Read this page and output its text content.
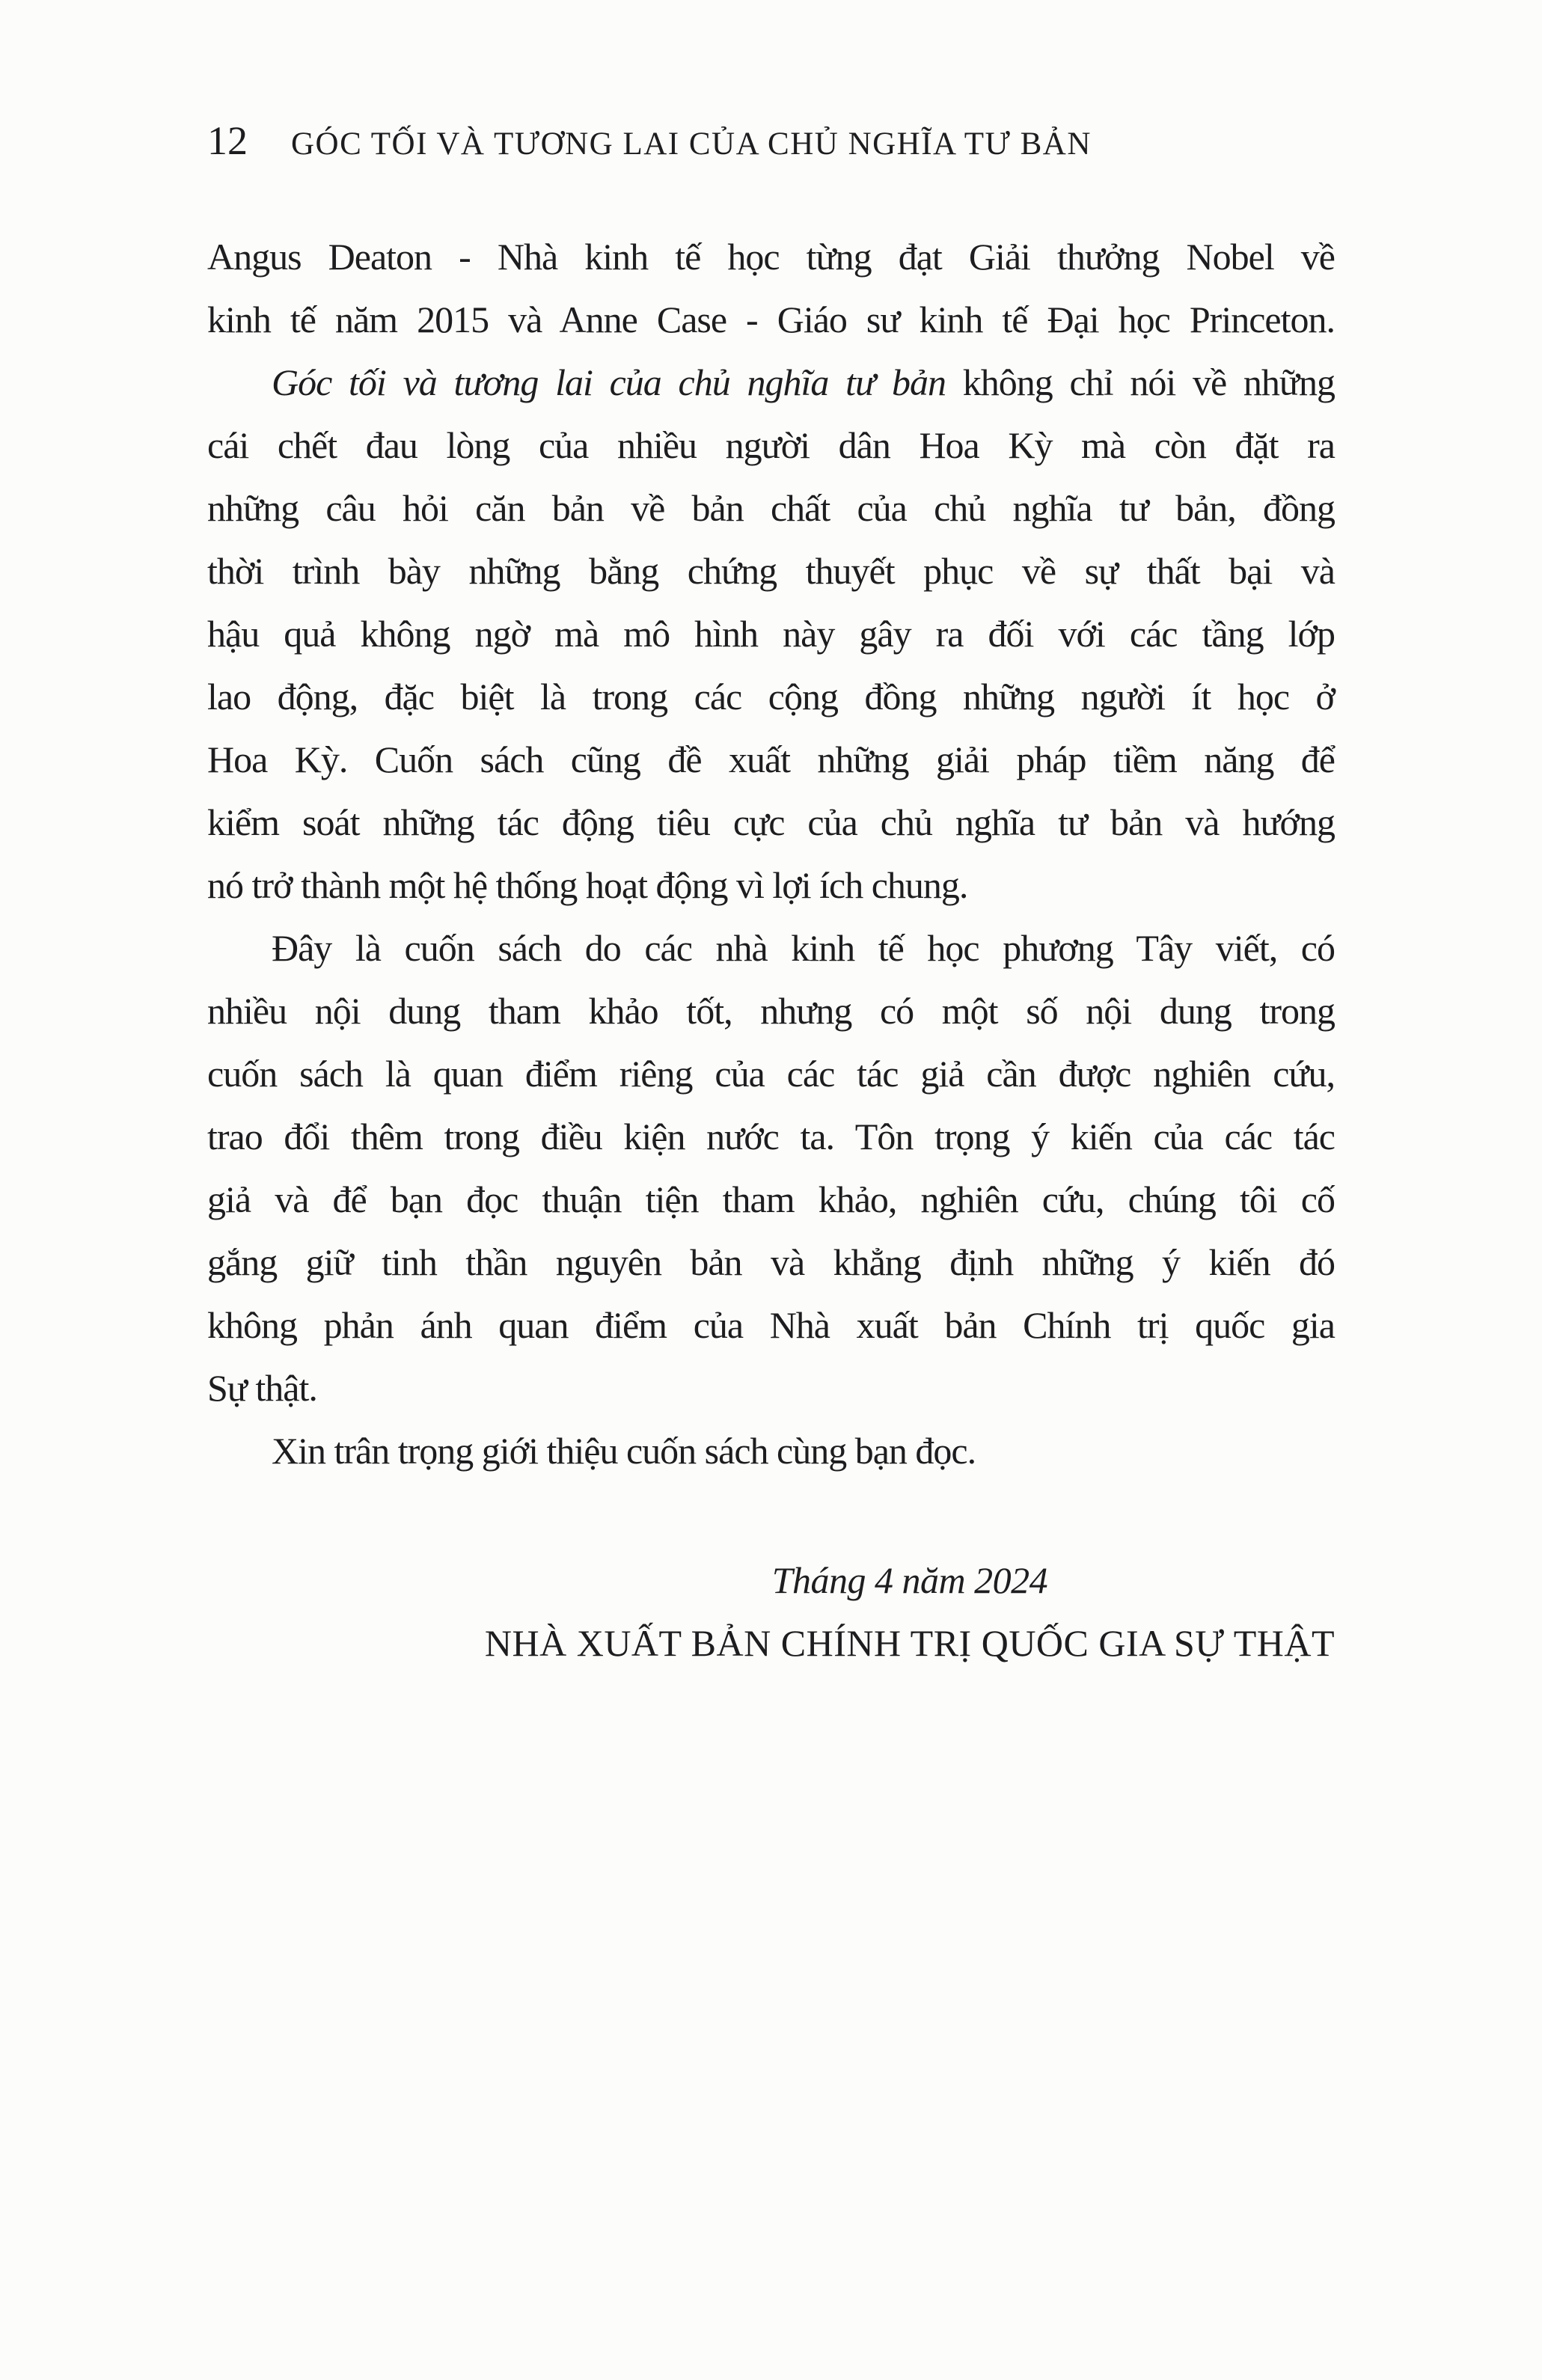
12 GÓC TỐI VÀ TƯƠNG LAI CỦA CHỦ NGHĨA TƯ BẢN
Angus Deaton - Nhà kinh tế học từng đạt Giải thưởng Nobel về
kinh tế năm 2015 và Anne Case - Giáo sư kinh tế Đại học Princeton.
Góc tối và tương lai của chủ nghĩa tư bản không chỉ nói về những
cái chết đau lòng của nhiều người dân Hoa Kỳ mà còn đặt ra
những câu hỏi căn bản về bản chất của chủ nghĩa tư bản, đồng
thời trình bày những bằng chứng thuyết phục về sự thất bại và
hậu quả không ngờ mà mô hình này gây ra đối với các tầng lớp
lao động, đặc biệt là trong các cộng đồng những người ít học ở
Hoa Kỳ. Cuốn sách cũng đề xuất những giải pháp tiềm năng để
kiểm soát những tác động tiêu cực của chủ nghĩa tư bản và hướng
nó trở thành một hệ thống hoạt động vì lợi ích chung.
Đây là cuốn sách do các nhà kinh tế học phương Tây viết, có
nhiều nội dung tham khảo tốt, nhưng có một số nội dung trong
cuốn sách là quan điểm riêng của các tác giả cần được nghiên cứu,
trao đổi thêm trong điều kiện nước ta. Tôn trọng ý kiến của các tác
giả và để bạn đọc thuận tiện tham khảo, nghiên cứu, chúng tôi cố
gắng giữ tinh thần nguyên bản và khẳng định những ý kiến đó
không phản ánh quan điểm của Nhà xuất bản Chính trị quốc gia
Sự thật.
Xin trân trọng giới thiệu cuốn sách cùng bạn đọc.
Tháng 4 năm 2024
NHÀ XUẤT BẢN CHÍNH TRỊ QUỐC GIA SỰ THẬT
